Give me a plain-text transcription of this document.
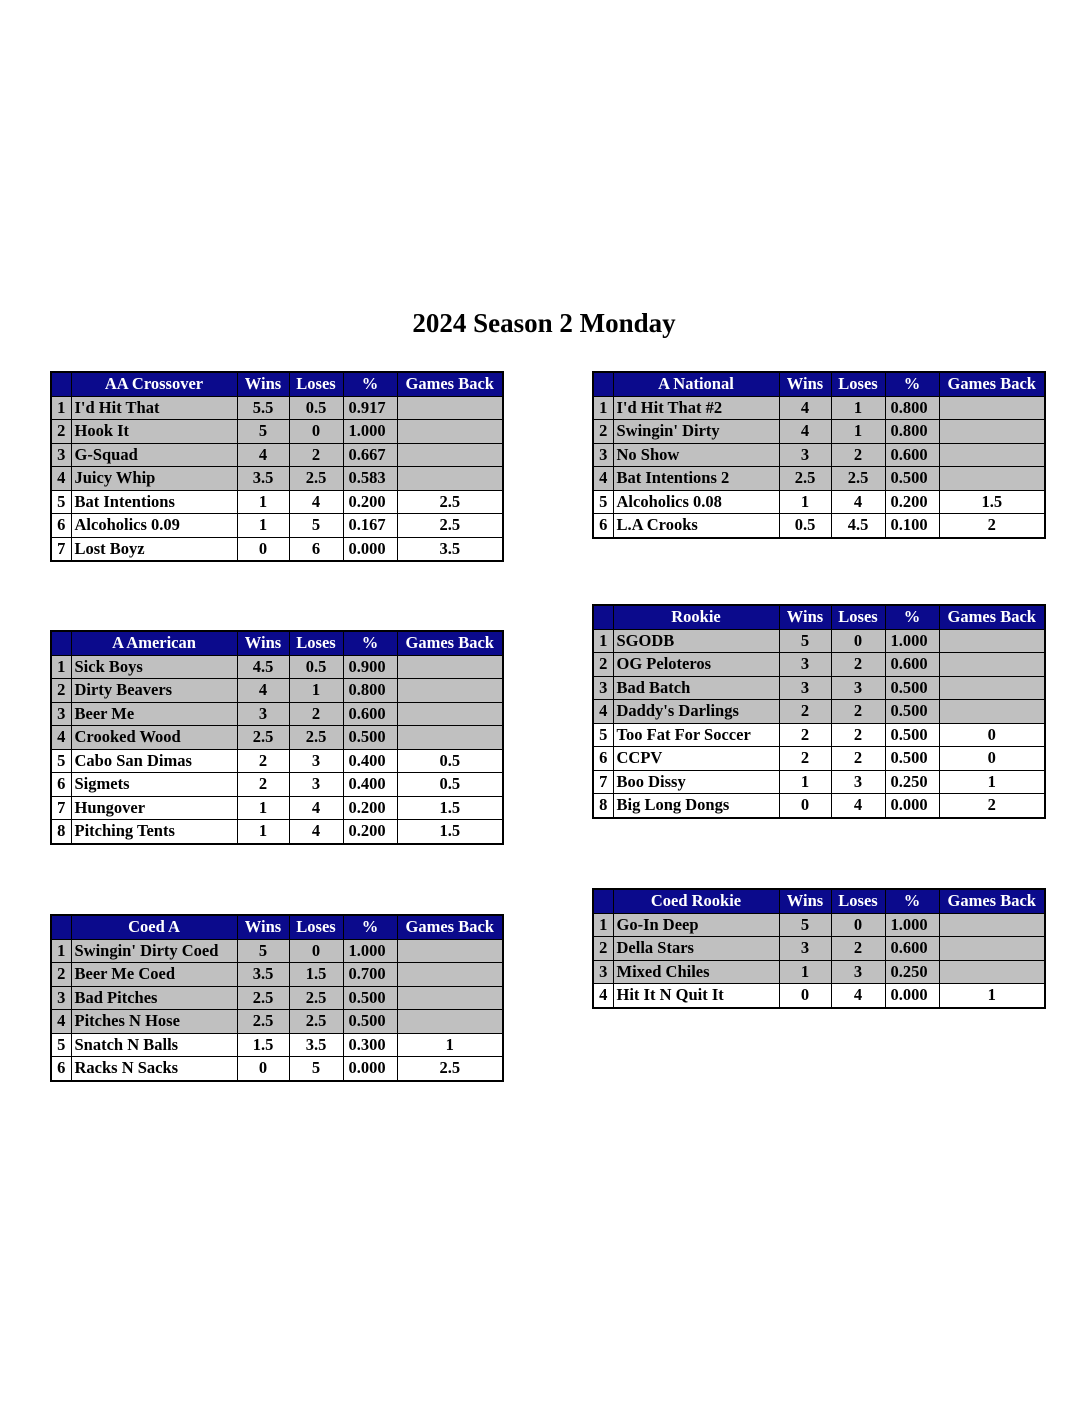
2024 Season 2 Monday
	AA Crossover	Wins	Loses	%	Games Back
1	I'd Hit That	5.5	0.5	0.917	
2	Hook It	5	0	1.000	
3	G-Squad	4	2	0.667	
4	Juicy Whip	3.5	2.5	0.583	
5	Bat Intentions	1	4	0.200	2.5
6	Alcoholics 0.09	1	5	0.167	2.5
7	Lost Boyz	0	6	0.000	3.5
	A National	Wins	Loses	%	Games Back
1	I'd Hit That #2	4	1	0.800	
2	Swingin' Dirty	4	1	0.800	
3	No Show	3	2	0.600	
4	Bat Intentions 2	2.5	2.5	0.500	
5	Alcoholics 0.08	1	4	0.200	1.5
6	L.A Crooks	0.5	4.5	0.100	2
	Rookie	Wins	Loses	%	Games Back
1	SGODB	5	0	1.000	
2	OG Peloteros	3	2	0.600	
3	Bad Batch	3	3	0.500	
4	Daddy's Darlings	2	2	0.500	
5	Too Fat For Soccer	2	2	0.500	0
6	CCPV	2	2	0.500	0
7	Boo Dissy	1	3	0.250	1
8	Big Long Dongs	0	4	0.000	2
	A American	Wins	Loses	%	Games Back
1	Sick Boys	4.5	0.5	0.900	
2	Dirty Beavers	4	1	0.800	
3	Beer Me	3	2	0.600	
4	Crooked Wood	2.5	2.5	0.500	
5	Cabo San Dimas	2	3	0.400	0.5
6	Sigmets	2	3	0.400	0.5
7	Hungover	1	4	0.200	1.5
8	Pitching Tents	1	4	0.200	1.5
	Coed Rookie	Wins	Loses	%	Games Back
1	Go-In Deep	5	0	1.000	
2	Della Stars	3	2	0.600	
3	Mixed Chiles	1	3	0.250	
4	Hit It N Quit It	0	4	0.000	1
	Coed A	Wins	Loses	%	Games Back
1	Swingin' Dirty Coed	5	0	1.000	
2	Beer Me Coed	3.5	1.5	0.700	
3	Bad Pitches	2.5	2.5	0.500	
4	Pitches N Hose	2.5	2.5	0.500	
5	Snatch N Balls	1.5	3.5	0.300	1
6	Racks N Sacks	0	5	0.000	2.5
